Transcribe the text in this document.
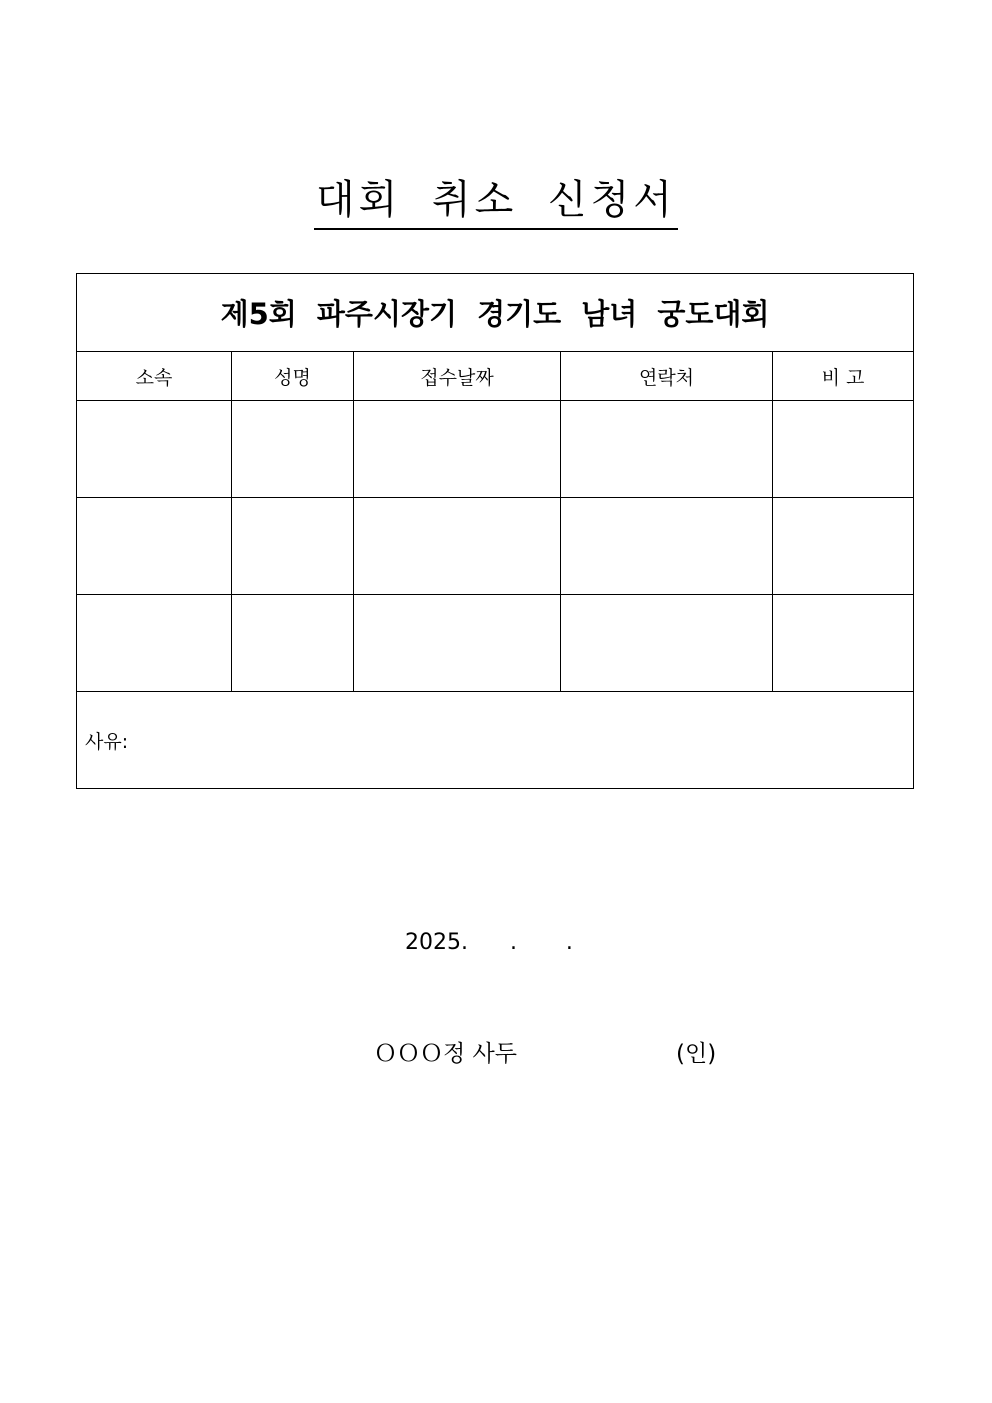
대회 취소 신청서
제5회 파주시장기 경기도 남녀 궁도대회				
소속	성명	접수날짜	연락처	비 고

사유:				
2025.      .       .
ＯＯＯ정 사두	(인)
